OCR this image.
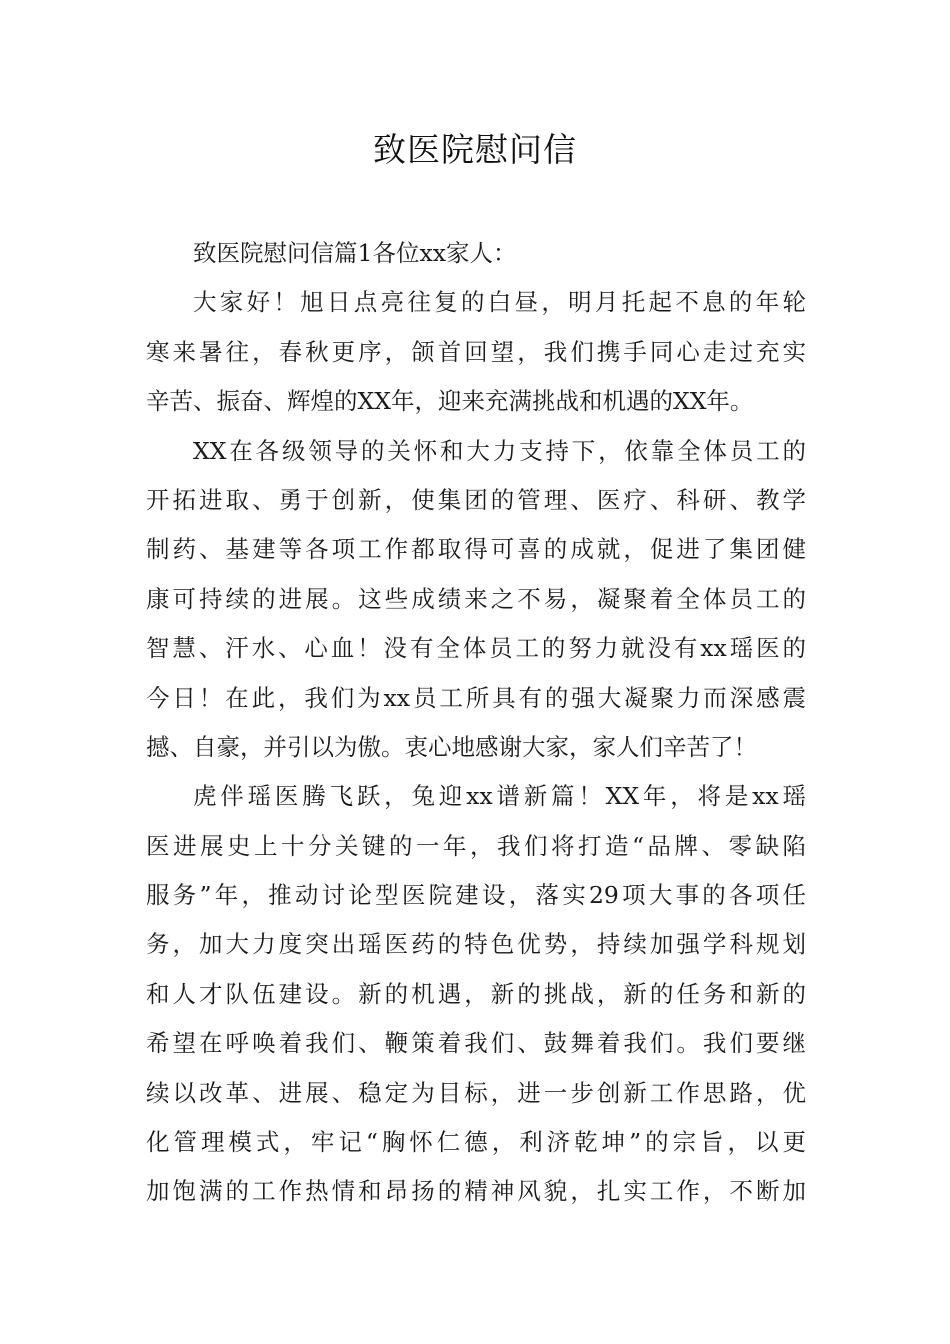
致医院慰问信
致医院慰问信篇1各位xx家人：
大家好！旭日点亮往复的白昼，明月托起不息的年轮
寒来暑往，春秋更序，颌首回望，我们携手同心走过充实
辛苦、振奋、辉煌的XX年，迎来充满挑战和机遇的XX年。
XX在各级领导的关怀和大力支持下，依靠全体员工的
开拓进取、勇于创新，使集团的管理、医疗、科研、教学
制药、基建等各项工作都取得可喜的成就，促进了集团健
康可持续的进展。这些成绩来之不易，凝聚着全体员工的
智慧、汗水、心血！没有全体员工的努力就没有xx瑶医的
今日！在此，我们为xx员工所具有的强大凝聚力而深感震
撼、自豪，并引以为傲。衷心地感谢大家，家人们辛苦了！
虎伴瑶医腾飞跃，兔迎xx谱新篇！XX年，将是xx瑶
医进展史上十分关键的一年，我们将打造“品牌、零缺陷
服务”年，推动讨论型医院建设，落实29项大事的各项任
务，加大力度突出瑶医药的特色优势，持续加强学科规划
和人才队伍建设。新的机遇，新的挑战，新的任务和新的
希望在呼唤着我们、鞭策着我们、鼓舞着我们。我们要继
续以改革、进展、稳定为目标，进一步创新工作思路，优
化管理模式，牢记“胸怀仁德，利济乾坤”的宗旨，以更
加饱满的工作热情和昂扬的精神风貌，扎实工作，不断加
